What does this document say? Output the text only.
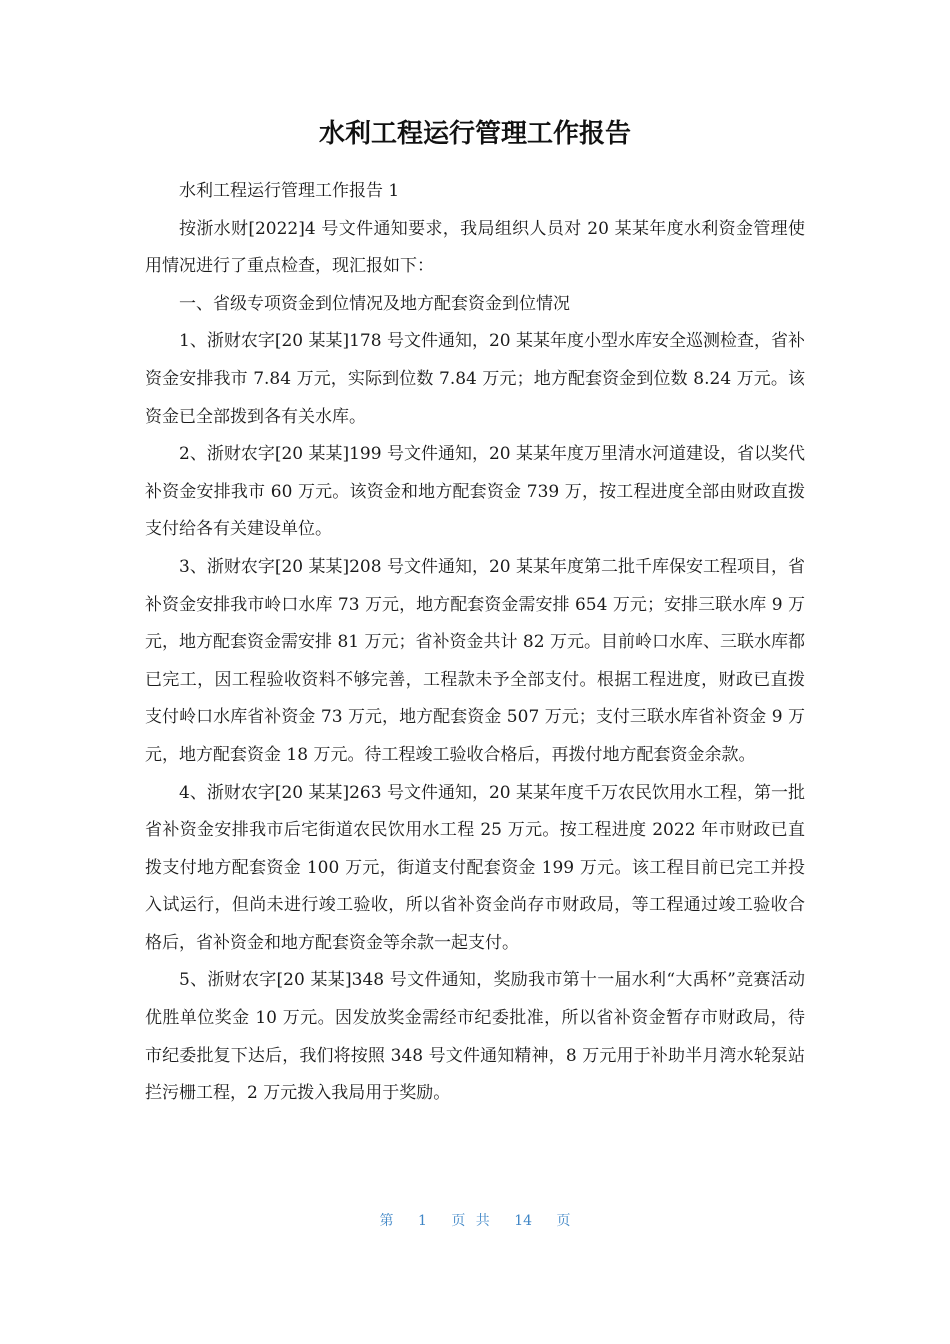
水利工程运行管理工作报告

水利工程运行管理工作报告 1

按浙水财[2022]4 号文件通知要求，我局组织人员对 20 某某年度水利资金管理使用情况进行了重点检查，现汇报如下：

一、省级专项资金到位情况及地方配套资金到位情况

1、浙财农字[20 某某]178 号文件通知，20 某某年度小型水库安全巡测检查，省补资金安排我市 7.84 万元，实际到位数 7.84 万元；地方配套资金到位数 8.24 万元。该资金已全部拨到各有关水库。

2、浙财农字[20 某某]199 号文件通知，20 某某年度万里清水河道建设，省以奖代补资金安排我市 60 万元。该资金和地方配套资金 739 万，按工程进度全部由财政直拨支付给各有关建设单位。

3、浙财农字[20 某某]208 号文件通知，20 某某年度第二批千库保安工程项目，省补资金安排我市岭口水库 73 万元，地方配套资金需安排 654 万元；安排三联水库 9 万元，地方配套资金需安排 81 万元；省补资金共计 82 万元。目前岭口水库、三联水库都已完工，因工程验收资料不够完善，工程款未予全部支付。根据工程进度，财政已直拨支付岭口水库省补资金 73 万元，地方配套资金 507 万元；支付三联水库省补资金 9 万元，地方配套资金 18 万元。待工程竣工验收合格后，再拨付地方配套资金余款。

4、浙财农字[20 某某]263 号文件通知，20 某某年度千万农民饮用水工程，第一批省补资金安排我市后宅街道农民饮用水工程 25 万元。按工程进度 2022 年市财政已直拨支付地方配套资金 100 万元，街道支付配套资金 199 万元。该工程目前已完工并投入试运行，但尚未进行竣工验收，所以省补资金尚存市财政局，等工程通过竣工验收合格后，省补资金和地方配套资金等余款一起支付。

5、浙财农字[20 某某]348 号文件通知，奖励我市第十一届水利“大禹杯”竞赛活动优胜单位奖金 10 万元。因发放奖金需经市纪委批准，所以省补资金暂存市财政局，待市纪委批复下达后，我们将按照 348 号文件通知精神，8 万元用于补助半月湾水轮泵站拦污栅工程，2 万元拨入我局用于奖励。

第 1 页 共 14 页
